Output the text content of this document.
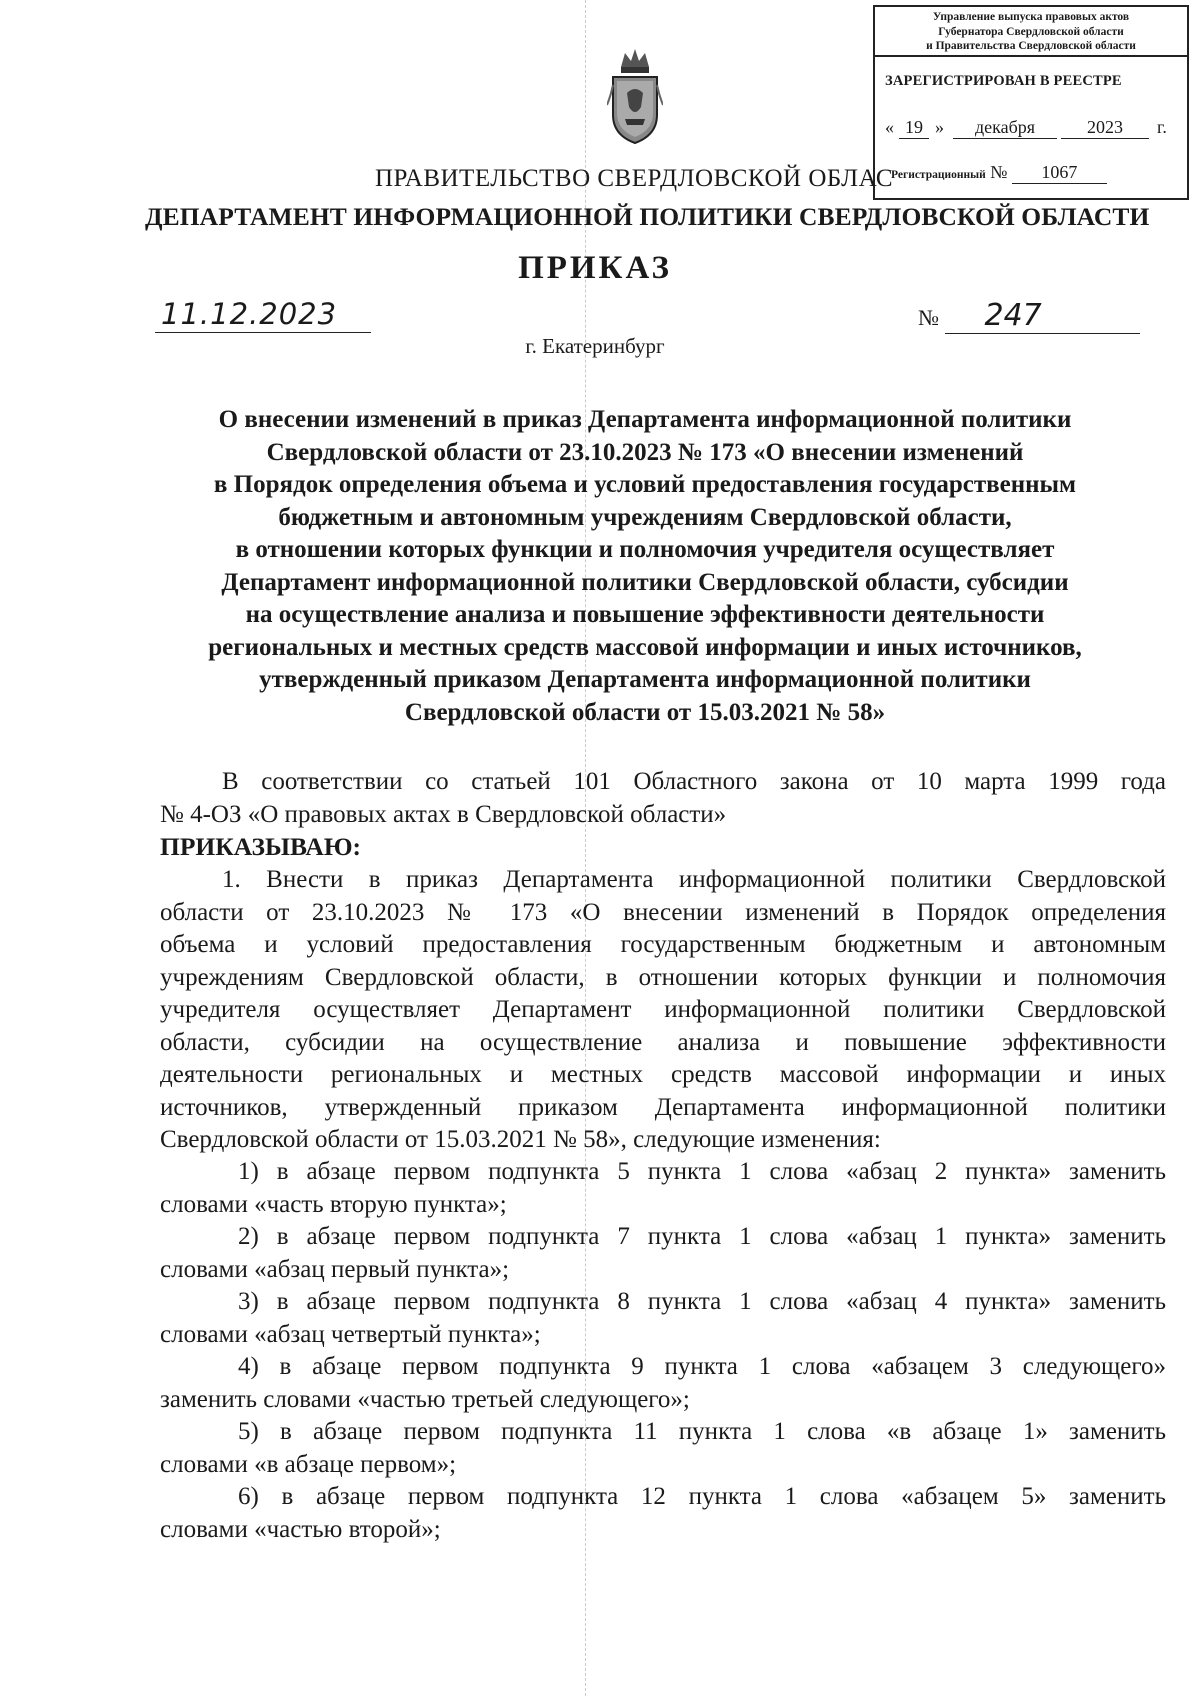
Управление выпуска правовых актов
Губернатора Свердловской области
и Правительства Свердловской области
ЗАРЕГИСТРИРОВАН В РЕЕСТРЕ
« 19 »	декабря	2023	г.
Регистрационный № 1067
ПРАВИТЕЛЬСТВО СВЕРДЛОВСКОЙ ОБЛАС
ДЕПАРТАМЕНТ ИНФОРМАЦИОННОЙ ПОЛИТИКИ СВЕРДЛОВСКОЙ ОБЛАСТИ
ПРИКАЗ
11.12.2023	№ 247
г. Екатеринбург
О внесении изменений в приказ Департамента информационной политики
Свердловской области от 23.10.2023 № 173 «О внесении изменений
в Порядок определения объема и условий предоставления государственным
бюджетным и автономным учреждениям Свердловской области,
в отношении которых функции и полномочия учредителя осуществляет
Департамент информационной политики Свердловской области, субсидии
на осуществление анализа и повышение эффективности деятельности
региональных и местных средств массовой информации и иных источников,
утвержденный приказом Департамента информационной политики
Свердловской области от 15.03.2021 № 58»
В соответствии со статьей 101 Областного закона от 10 марта 1999 года
№ 4-ОЗ «О правовых актах в Свердловской области»
ПРИКАЗЫВАЮ:
1. Внести в приказ Департамента информационной политики Свердловской
области от 23.10.2023 № 173 «О внесении изменений в Порядок определения
объема и условий предоставления государственным бюджетным и автономным
учреждениям Свердловской области, в отношении которых функции и полномочия
учредителя осуществляет Департамент информационной политики Свердловской
области, субсидии на осуществление анализа и повышение эффективности
деятельности региональных и местных средств массовой информации и иных
источников, утвержденный приказом Департамента информационной политики
Свердловской области от 15.03.2021 № 58», следующие изменения:
1) в абзаце первом подпункта 5 пункта 1 слова «абзац 2 пункта» заменить
словами «часть вторую пункта»;
2) в абзаце первом подпункта 7 пункта 1 слова «абзац 1 пункта» заменить
словами «абзац первый пункта»;
3) в абзаце первом подпункта 8 пункта 1 слова «абзац 4 пункта» заменить
словами «абзац четвертый пункта»;
4) в абзаце первом подпункта 9 пункта 1 слова «абзацем 3 следующего»
заменить словами «частью третьей следующего»;
5) в абзаце первом подпункта 11 пункта 1 слова «в абзаце 1» заменить
словами «в абзаце первом»;
6) в абзаце первом подпункта 12 пункта 1 слова «абзацем 5» заменить
словами «частью второй»;
